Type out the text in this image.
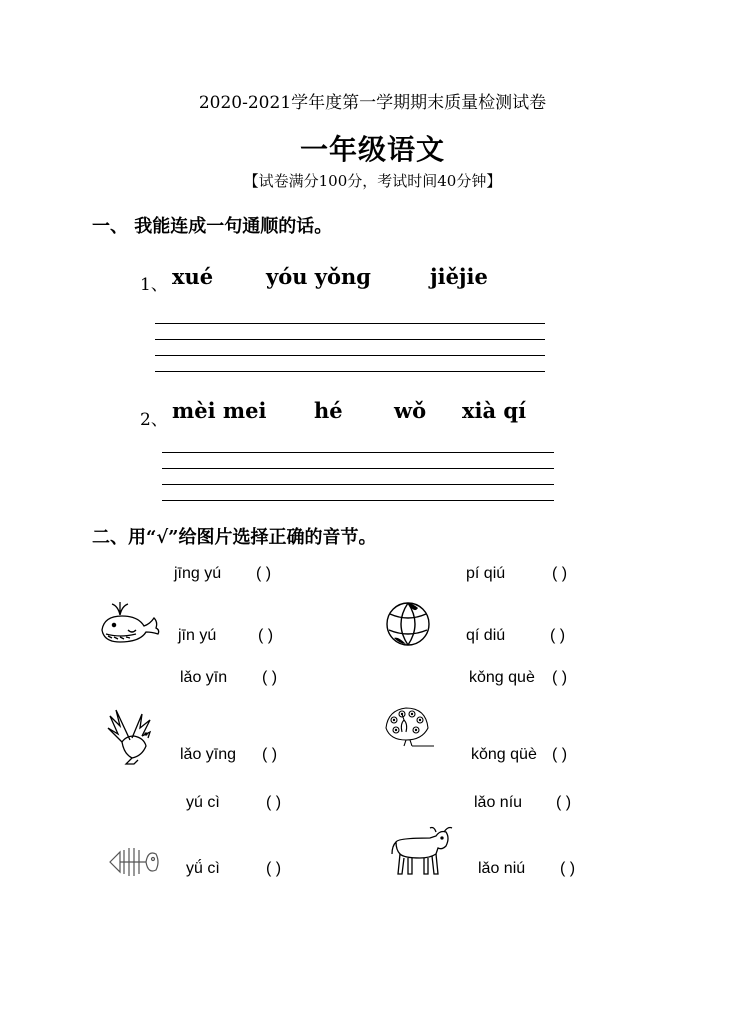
2020-2021学年度第一学期期末质量检测试卷
一年级语文
【试卷满分100分，考试时间40分钟】
一、 我能连成一句通顺的话。
1、 xué	yóu yǒnɡ	jiějie
2、 mèi mei hé wǒ xià qí
二、用“√”给图片选择正确的音节。
jīng yú ( )
jīn yú	( )
lǎo yīn ( )
lǎo yīng ( )
yú cì	( )
yǘ cì	( )
pí qiú	( )
qí diú	( )
kǒng què ( )
kǒng qüè ( )
lǎo níu ( )
lǎo niú ( )
